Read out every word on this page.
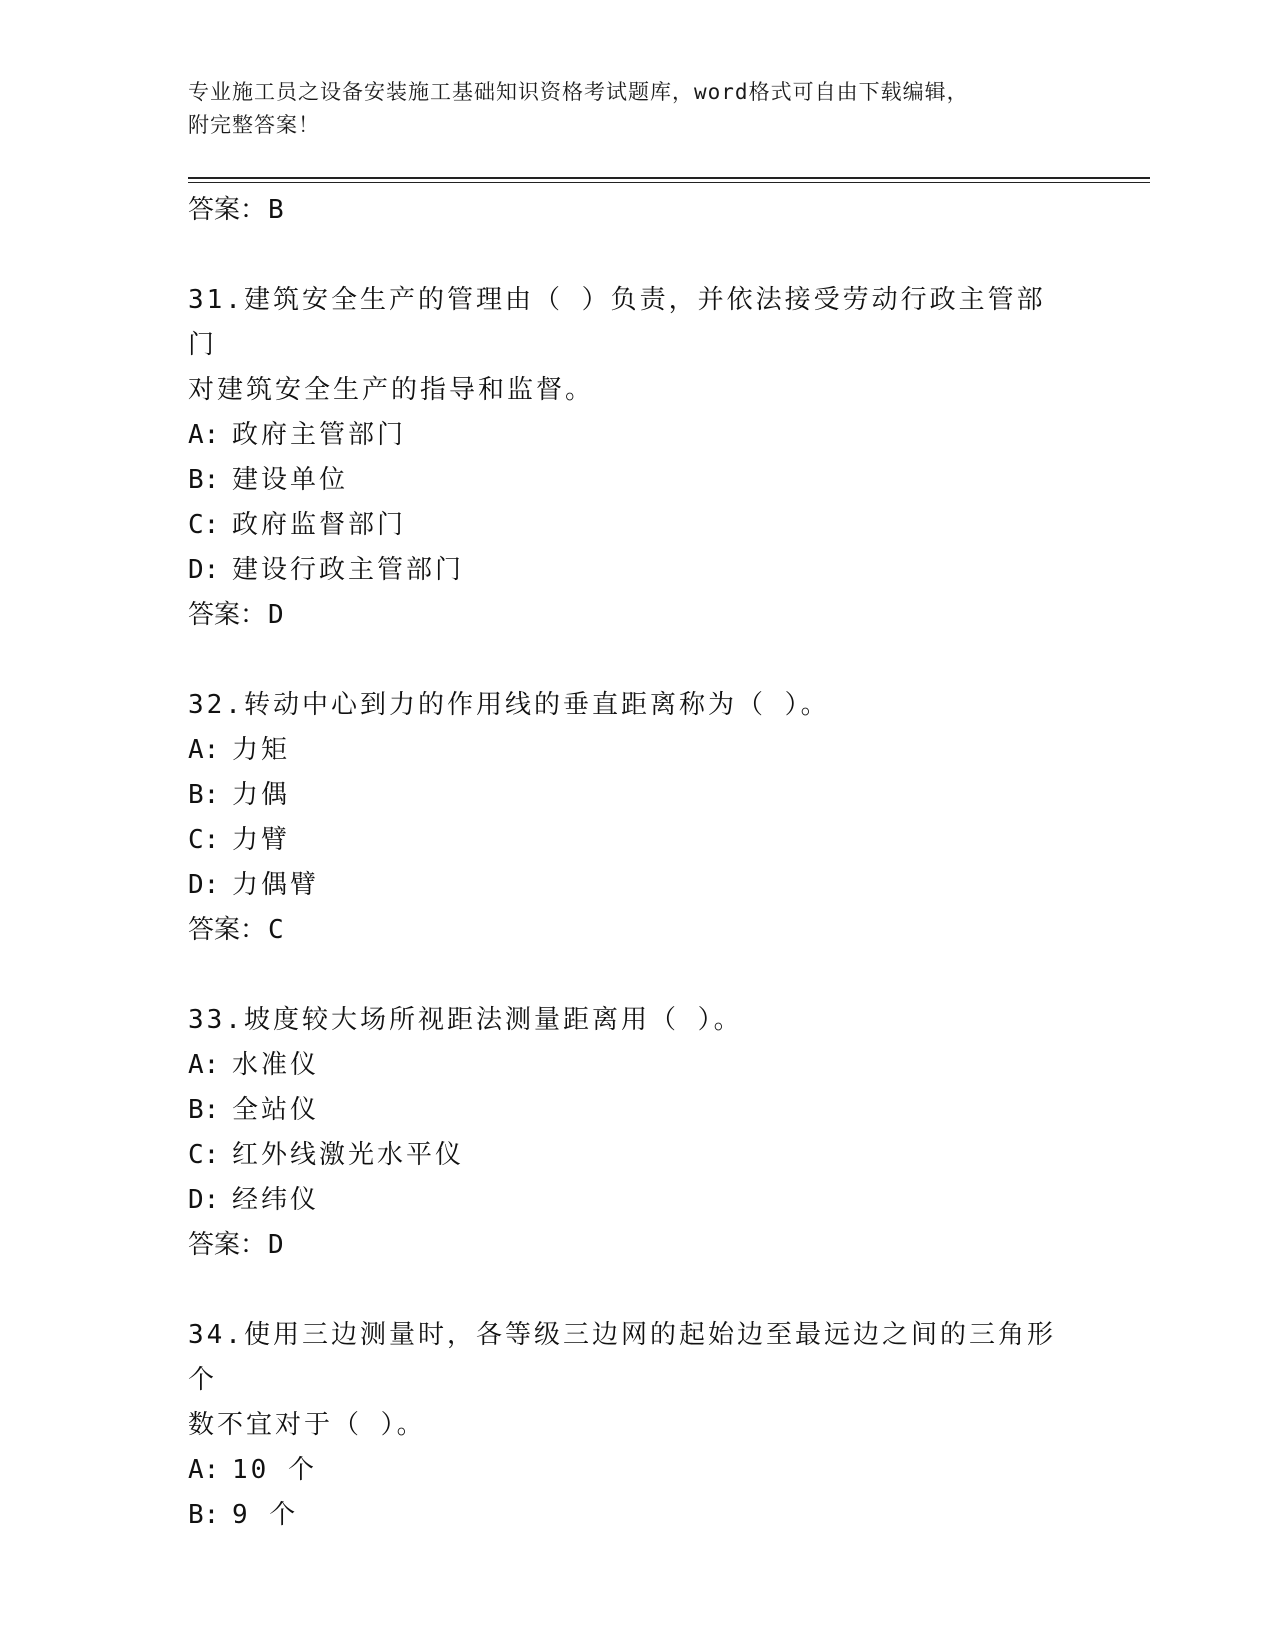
专业施工员之设备安装施工基础知识资格考试题库，word格式可自由下载编辑，
附完整答案！
答案：B
31.建筑安全生产的管理由（ ）负责，并依法接受劳动行政主管部门
对建筑安全生产的指导和监督。
A: 政府主管部门
B: 建设单位
C: 政府监督部门
D: 建设行政主管部门
答案：D
32.转动中心到力的作用线的垂直距离称为（ ）。
A: 力矩
B: 力偶
C: 力臂
D: 力偶臂
答案：C
33.坡度较大场所视距法测量距离用（ ）。
A: 水准仪
B: 全站仪
C: 红外线激光水平仪
D: 经纬仪
答案：D
34.使用三边测量时，各等级三边网的起始边至最远边之间的三角形个
数不宜对于（ ）。
A: 10 个
B: 9 个
